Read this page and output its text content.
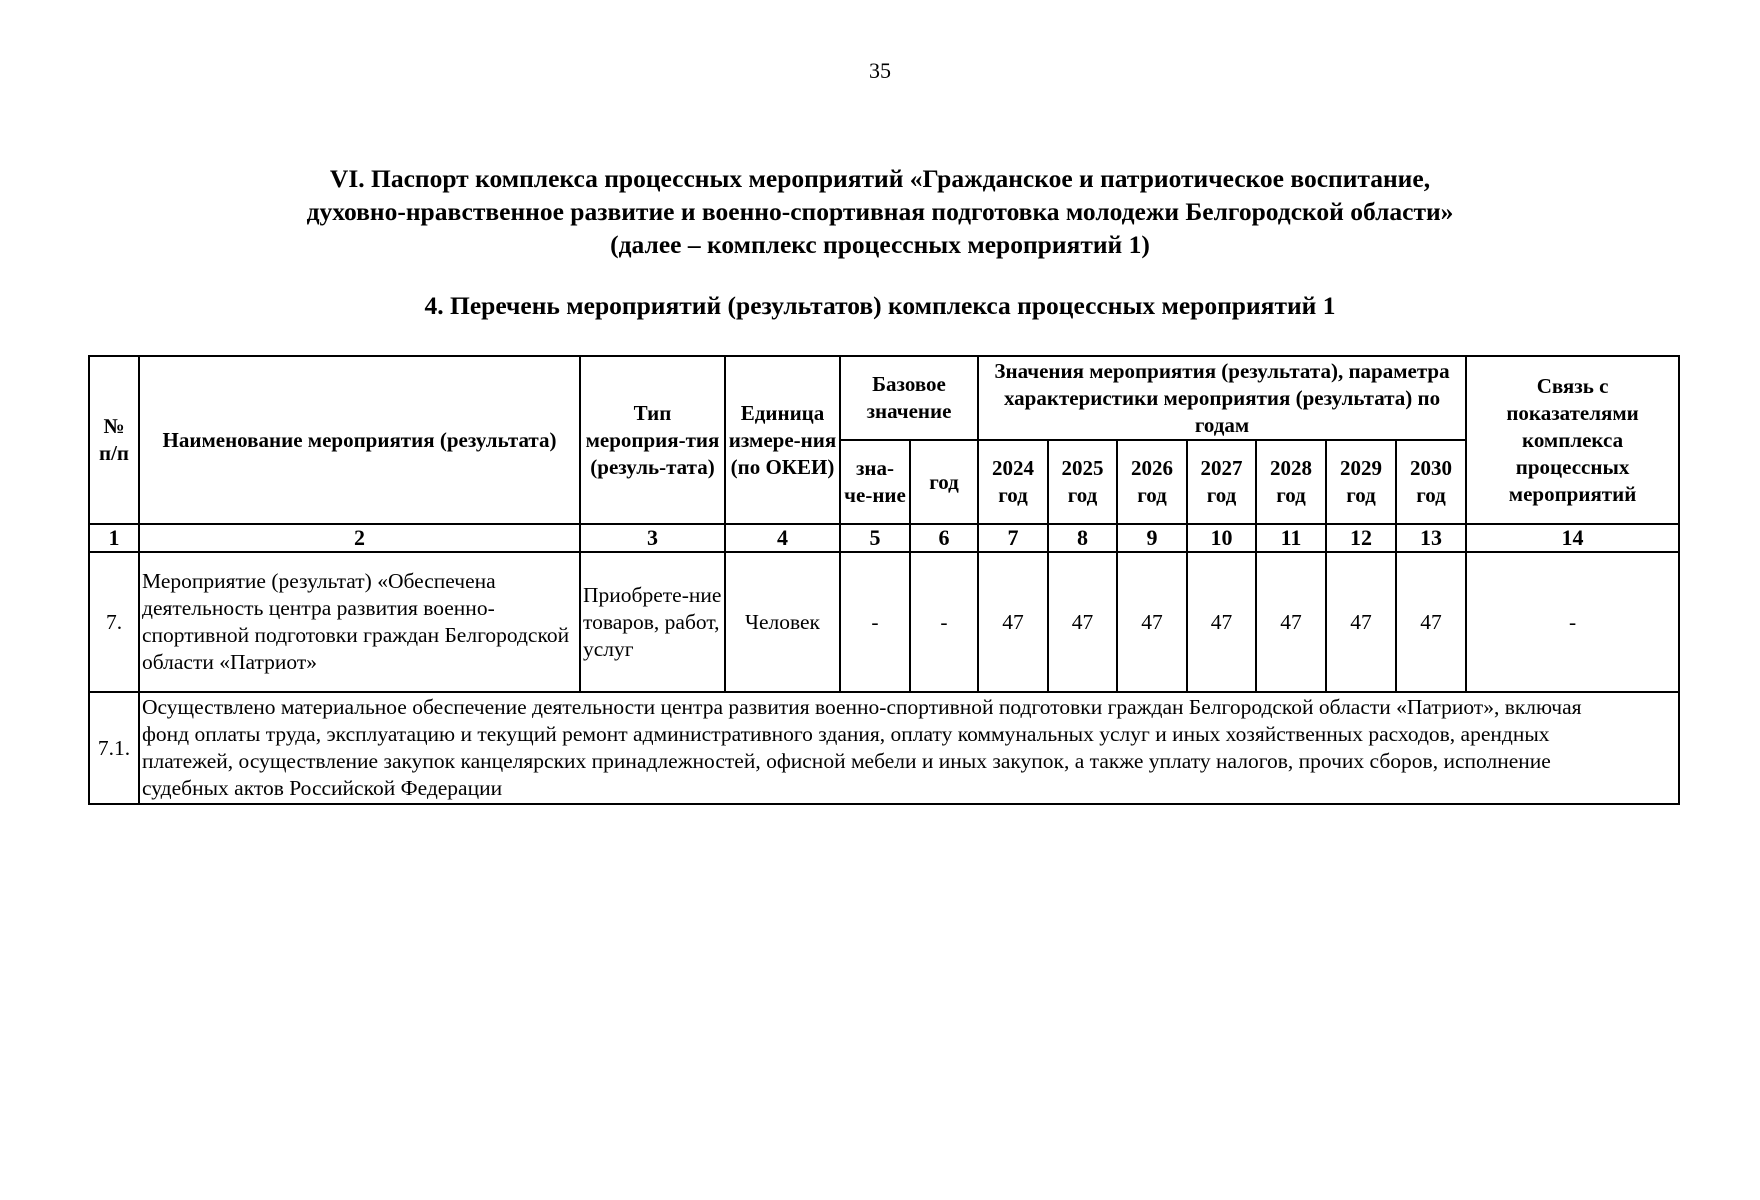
35
VI. Паспорт комплекса процессных мероприятий «Гражданское и патриотическое воспитание,
духовно-нравственное развитие и военно-спортивная подготовка молодежи Белгородской области»
(далее – комплекс процессных мероприятий 1)
4. Перечень мероприятий (результатов) комплекса процессных мероприятий 1
№ п/п	Наименование мероприятия (результата)	Тип мероприя-тия (резуль-тата)	Единица измере-ния (по ОКЕИ)	Базовое значение		Значения мероприятия (результата), параметра характеристики мероприятия (результата) по годам							Связь с показателями комплекса процессных мероприятий
				зна-че-ние	год	2024 год	2025 год	2026 год	2027 год	2028 год	2029 год	2030 год	
1	2	3	4	5	6	7	8	9	10	11	12	13	14
7.	Мероприятие (результат) «Обеспечена деятельность центра развития военно-спортивной подготовки граждан Белгородской области «Патриот»	Приобрете-ние товаров, работ, услуг	Человек	-	-	47	47	47	47	47	47	47	-
7.1.	Осуществлено материальное обеспечение деятельности центра развития военно-спортивной подготовки граждан Белгородской области «Патриот», включая фонд оплаты труда, эксплуатацию и текущий ремонт административного здания, оплату коммунальных услуг и иных хозяйственных расходов, арендных платежей, осуществление закупок канцелярских принадлежностей, офисной мебели и иных закупок, а также уплату налогов, прочих сборов, исполнение судебных актов Российской Федерации												
